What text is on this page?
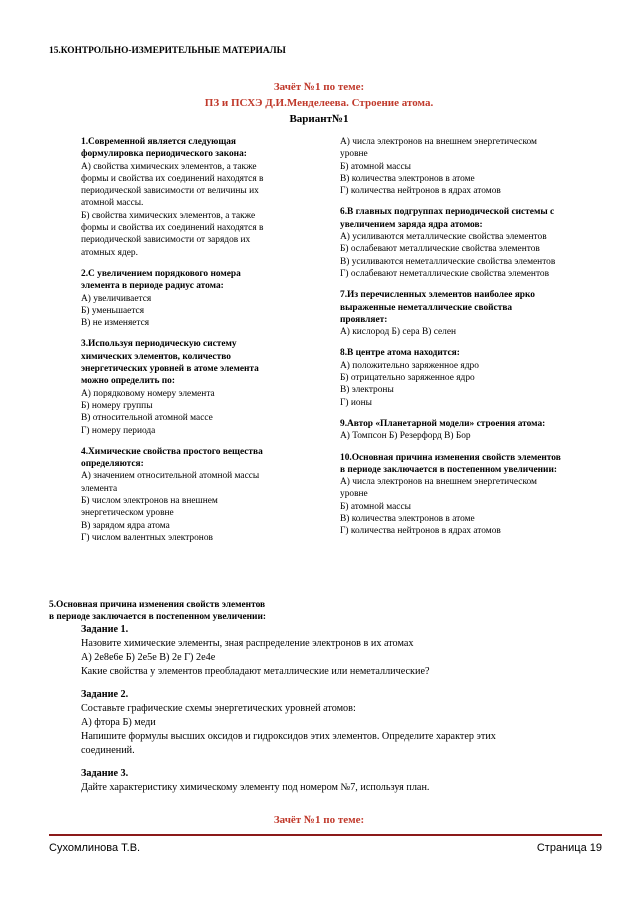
15.КОНТРОЛЬНО-ИЗМЕРИТЕЛЬНЫЕ МАТЕРИАЛЫ
Зачёт №1 по теме:
ПЗ и ПСХЭ Д.И.Менделеева. Строение атома.
Вариант№1
1.Современной является следующая
формулировка периодического закона:
А) свойства химических элементов, а также
формы и свойства их соединений находятся в
периодической зависимости от величины их
атомной массы.
Б) свойства химических элементов, а также
формы и свойства их соединений находятся в
периодической зависимости от зарядов их
атомных ядер.
2.С увеличением порядкового номера
элемента в периоде радиус атома:
А) увеличивается
Б) уменьшается
В) не изменяется
3.Используя периодическую систему
химических элементов, количество
энергетических уровней в атоме элемента
можно определить по:
А) порядковому номеру элемента
Б) номеру группы
В) относительной атомной массе
Г) номеру периода
4.Химические свойства простого вещества
определяются:
А) значением относительной атомной массы
элемента
Б) числом электронов на внешнем
энергетическом уровне
В) зарядом ядра атома
Г) числом валентных электронов
А) числа электронов на внешнем энергетическом
уровне
Б) атомной массы
В) количества электронов в атоме
Г) количества нейтронов в ядрах атомов
6.В главных подгруппах периодической системы с
увеличением заряда ядра атомов:
А) усиливаются металлические свойства элементов
Б) ослабевают металлические свойства элементов
В) усиливаются неметаллические свойства элементов
Г) ослабевают неметаллические свойства элементов
7.Из перечисленных элементов наиболее ярко
выраженные неметаллические свойства
проявляет:
А) кислород Б) сера В) селен
8.В центре атома находится:
А) положительно заряженное ядро
Б) отрицательно заряженное ядро
В) электроны
Г) ионы
9.Автор «Планетарной модели» строения атома:
А) Томпсон Б) Резерфорд В) Бор
10.Основная причина изменения свойств элементов
в периоде заключается в постепенном увеличении:
А) числа электронов на внешнем энергетическом
уровне
Б) атомной массы
В) количества электронов в атоме
Г) количества нейтронов в ядрах атомов
5.Основная причина изменения свойств элементов
в периоде заключается в постепенном увеличении:
Задание 1.
Назовите химические элементы, зная распределение электронов в их атомах
А) 2е8е6е Б) 2е5е В) 2е Г) 2е4е
Какие свойства у элементов преобладают металлические или неметаллические?
Задание 2.
Составьте графические схемы энергетических уровней атомов:
А) фтора Б) меди
Напишите формулы высших оксидов и гидроксидов этих элементов. Определите характер этих
соединений.
Задание 3.
Дайте характеристику химическому элементу под номером №7, используя план.
Зачёт №1 по теме:
Сухомлинова Т.В.	Страница 19
